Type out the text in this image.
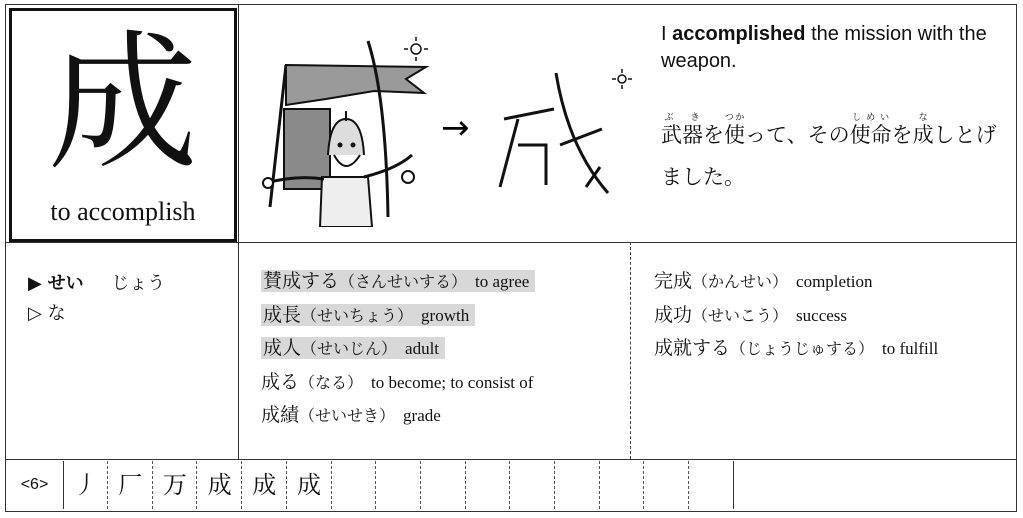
成
to accomplish
→
I accomplished the mission with the weapon.
武器ぶ きを使つかって、その使命しめいを成なしとげました。
▶ せい じょう
▷ な
賛成する（さんせいする） to agree
成長（せいちょう） growth
成人（せいじん） adult
成る（なる） to become; to consist of
成績（せいせき） grade
完成（かんせい） completion
成功（せいこう） success
成就する（じょうじゅする） to fulfill
<6>	丿 厂 万 成 成 成
